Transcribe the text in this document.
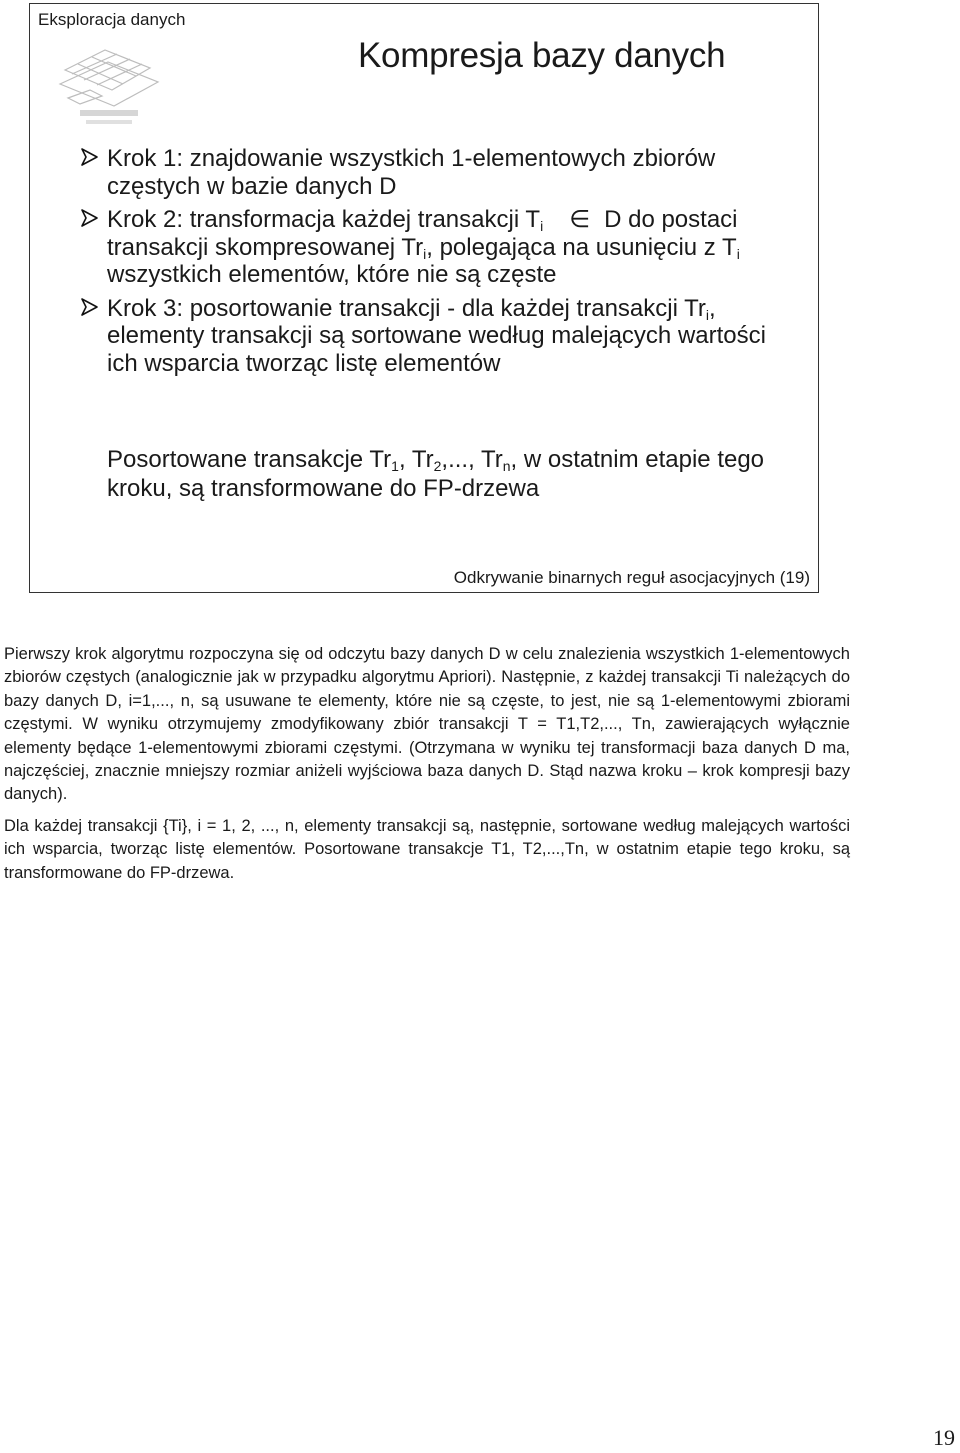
Eksploracja danych
Kompresja bazy danych
Krok 1: znajdowanie wszystkich 1-elementowych zbiorów częstych w bazie danych D
Krok 2: transformacja każdej transakcji $T_i$ ∈ D do postaci transakcji skompresowanej $Tr_i$, polegająca na usunięciu z $T_i$ wszystkich elementów, które nie są częste
Krok 3: posortowanie transakcji - dla każdej transakcji $Tr_i$, elementy transakcji są sortowane według malejących wartości ich wsparcia tworząc listę elementów
Posortowane transakcje $Tr_1$, $Tr_2$,..., $Tr_n$, w ostatnim etapie tego kroku, są transformowane do FP-drzewa
Odkrywanie binarnych reguł asocjacyjnych (19)

Pierwszy krok algorytmu rozpoczyna się od odczytu bazy danych D w celu znalezienia wszystkich 1-elementowych zbiorów częstych (analogicznie jak w przypadku algorytmu Apriori). Następnie, z każdej transakcji Ti należących do bazy danych D, i=1,..., n, są usuwane te elementy, które nie są częste, to jest, nie są 1-elementowymi zbiorami częstymi. W wyniku otrzymujemy zmodyfikowany zbiór transakcji T = T1,T2,..., Tn, zawierających wyłącznie elementy będące 1-elementowymi zbiorami częstymi. (Otrzymana w wyniku tej transformacji baza danych D ma, najczęściej, znacznie mniejszy rozmiar aniżeli wyjściowa baza danych D. Stąd nazwa kroku – krok kompresji bazy danych).

Dla każdej transakcji {Ti}, i = 1, 2, ..., n, elementy transakcji są, następnie, sortowane według malejących wartości ich wsparcia, tworząc listę elementów. Posortowane transakcje T1, T2,...,Tn, w ostatnim etapie tego kroku, są transformowane do FP-drzewa.

19
